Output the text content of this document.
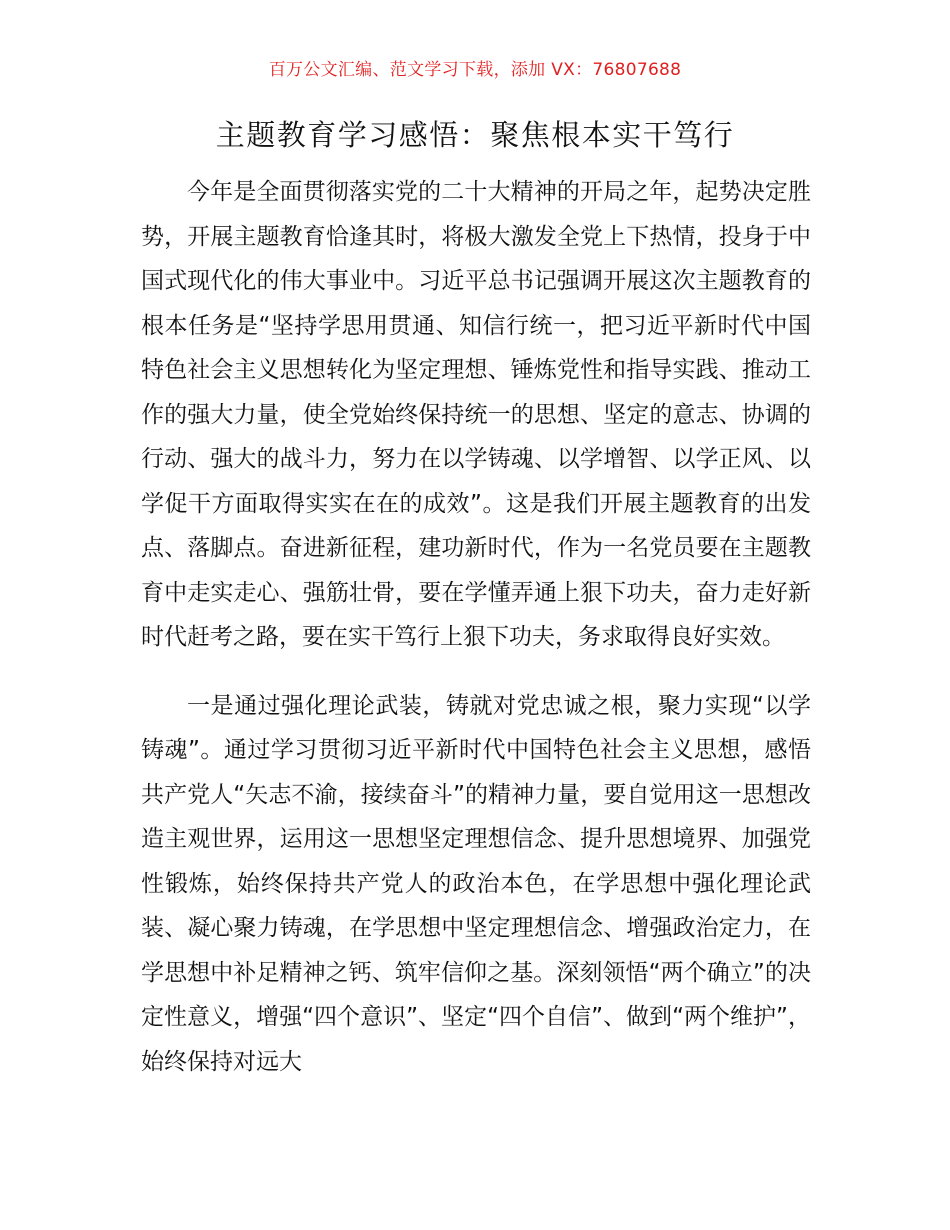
百万公文汇编、范文学习下载，添加 VX：76807688
主题教育学习感悟：聚焦根本实干笃行

今年是全面贯彻落实党的二十大精神的开局之年，起势决定胜势，开展主题教育恰逢其时，将极大激发全党上下热情，投身于中国式现代化的伟大事业中。习近平总书记强调开展这次主题教育的根本任务是“坚持学思用贯通、知信行统一，把习近平新时代中国特色社会主义思想转化为坚定理想、锤炼党性和指导实践、推动工作的强大力量，使全党始终保持统一的思想、坚定的意志、协调的行动、强大的战斗力，努力在以学铸魂、以学增智、以学正风、以学促干方面取得实实在在的成效”。这是我们开展主题教育的出发点、落脚点。奋进新征程，建功新时代，作为一名党员要在主题教育中走实走心、强筋壮骨，要在学懂弄通上狠下功夫，奋力走好新时代赶考之路，要在实干笃行上狠下功夫，务求取得良好实效。

一是通过强化理论武装，铸就对党忠诚之根，聚力实现“以学铸魂”。通过学习贯彻习近平新时代中国特色社会主义思想，感悟共产党人“矢志不渝，接续奋斗”的精神力量，要自觉用这一思想改造主观世界，运用这一思想坚定理想信念、提升思想境界、加强党性锻炼，始终保持共产党人的政治本色，在学思想中强化理论武装、凝心聚力铸魂，在学思想中坚定理想信念、增强政治定力，在学思想中补足精神之钙、筑牢信仰之基。深刻领悟“两个确立”的决定性意义，增强“四个意识”、坚定“四个自信”、做到“两个维护”，始终保持对远大
